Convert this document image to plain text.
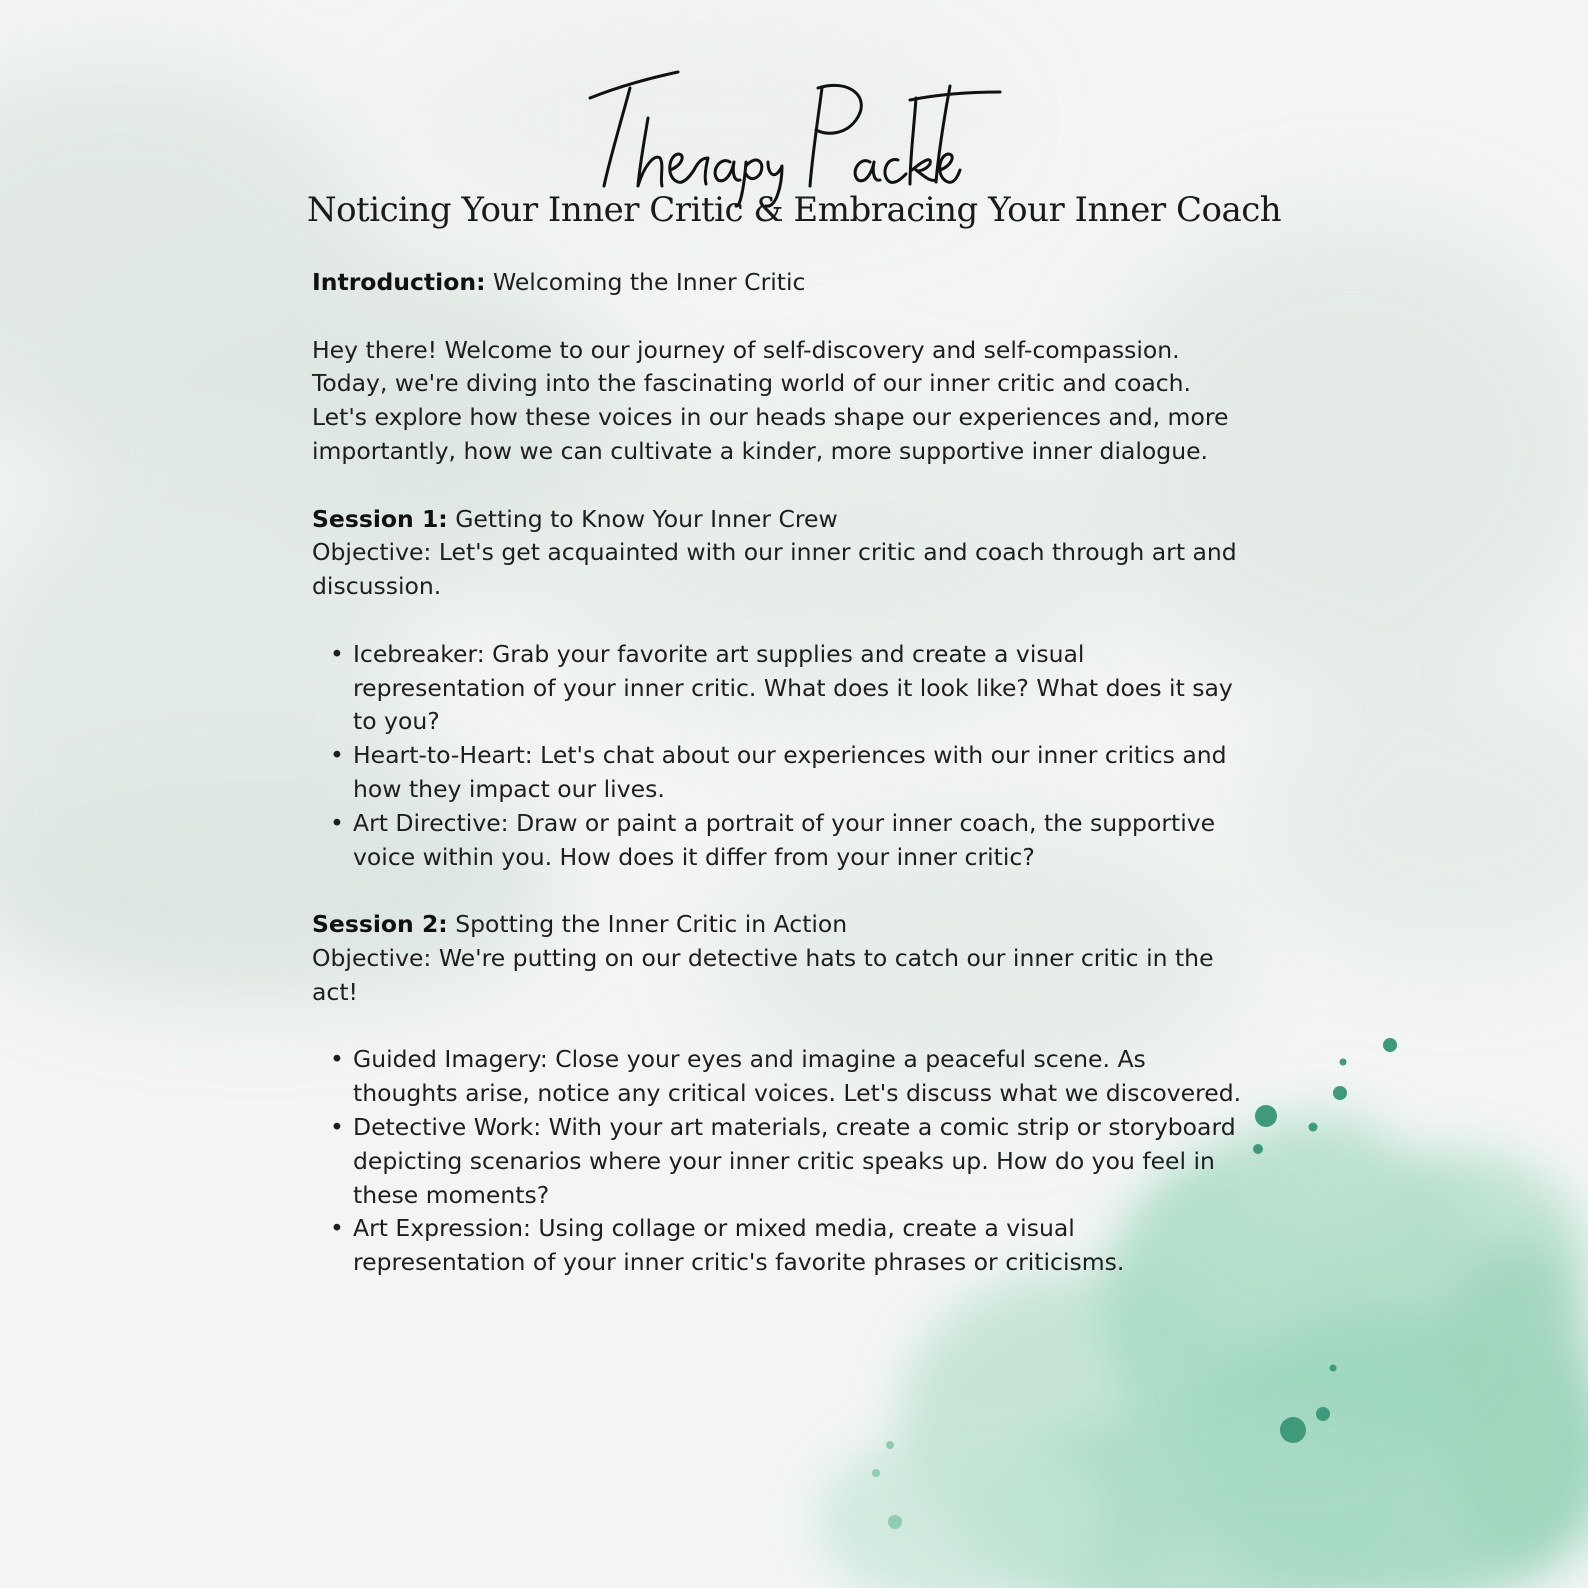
Noticing Your Inner Critic & Embracing Your Inner Coach

Introduction: Welcoming the Inner Critic

Hey there! Welcome to our journey of self-discovery and self-compassion. Today, we're diving into the fascinating world of our inner critic and coach. Let's explore how these voices in our heads shape our experiences and, more importantly, how we can cultivate a kinder, more supportive inner dialogue.

Session 1: Getting to Know Your Inner Crew

Objective: Let's get acquainted with our inner critic and coach through art and discussion.

• Icebreaker: Grab your favorite art supplies and create a visual representation of your inner critic. What does it look like? What does it say to you?
• Heart-to-Heart: Let's chat about our experiences with our inner critics and how they impact our lives.
• Art Directive: Draw or paint a portrait of your inner coach, the supportive voice within you. How does it differ from your inner critic?

Session 2: Spotting the Inner Critic in Action

Objective: We're putting on our detective hats to catch our inner critic in the act!

• Guided Imagery: Close your eyes and imagine a peaceful scene. As thoughts arise, notice any critical voices. Let's discuss what we discovered.
• Detective Work: With your art materials, create a comic strip or storyboard depicting scenarios where your inner critic speaks up. How do you feel in these moments?
• Art Expression: Using collage or mixed media, create a visual representation of your inner critic's favorite phrases or criticisms.
